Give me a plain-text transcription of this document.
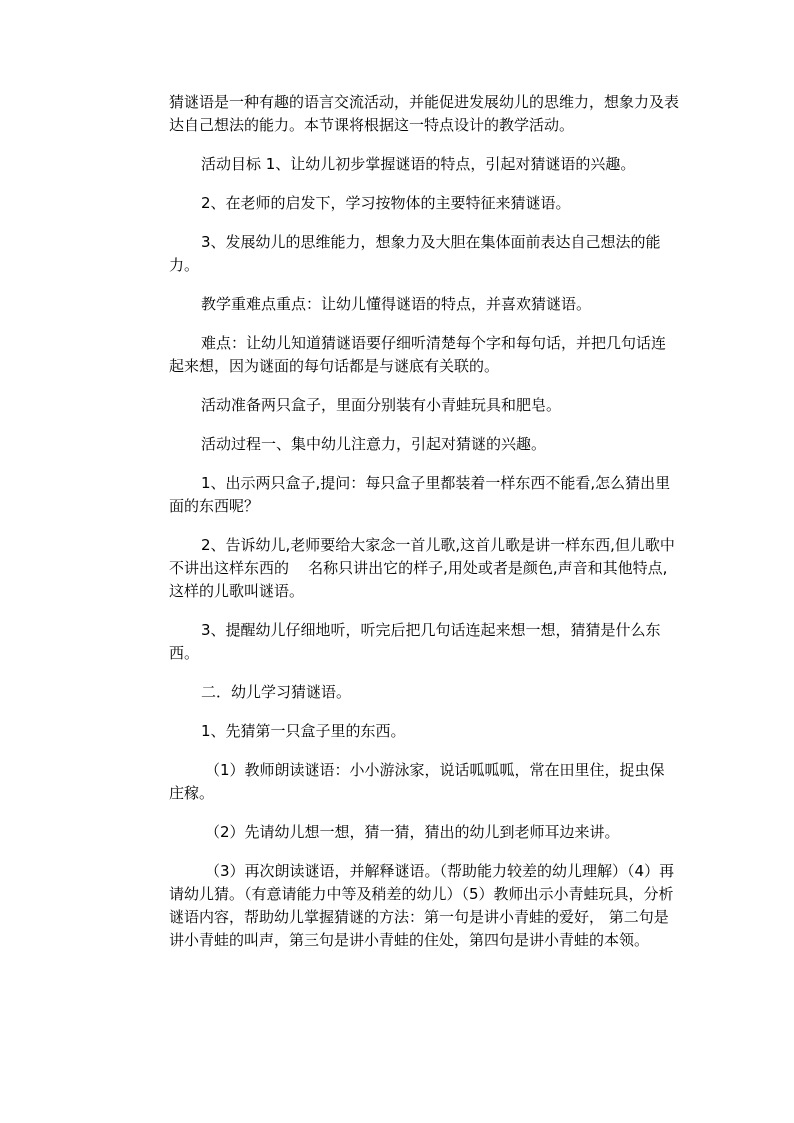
猜谜语是一种有趣的语言交流活动，并能促进发展幼儿的思维力，想象力及表达自己想法的能力。本节课将根据这一特点设计的教学活动。

活动目标 1、让幼儿初步掌握谜语的特点，引起对猜谜语的兴趣。

2、在老师的启发下，学习按物体的主要特征来猜谜语。

3、发展幼儿的思维能力，想象力及大胆在集体面前表达自己想法的能力。

教学重难点重点：让幼儿懂得谜语的特点，并喜欢猜谜语。

难点：让幼儿知道猜谜语要仔细听清楚每个字和每句话，并把几句话连起来想，因为谜面的每句话都是与谜底有关联的。

活动准备两只盒子，里面分别装有小青蛙玩具和肥皂。

活动过程一、集中幼儿注意力，引起对猜谜的兴趣。

1、出示两只盒子,提问：每只盒子里都装着一样东西不能看,怎么猜出里面的东西呢？

2、告诉幼儿,老师要给大家念一首儿歌,这首儿歌是讲一样东西,但儿歌中不讲出这样东西的    名称只讲出它的样子,用处或者是颜色,声音和其他特点,这样的儿歌叫谜语。

3、提醒幼儿仔细地听，听完后把几句话连起来想一想，猜猜是什么东西。

二．幼儿学习猜谜语。

1、先猜第一只盒子里的东西。

（1）教师朗读谜语：小小游泳家，说话呱呱呱，常在田里住，捉虫保庄稼。

（2）先请幼儿想一想，猜一猜，猜出的幼儿到老师耳边来讲。

（3）再次朗读谜语，并解释谜语。（帮助能力较差的幼儿理解）（4）再请幼儿猜。（有意请能力中等及稍差的幼儿）（5）教师出示小青蛙玩具，分析谜语内容，帮助幼儿掌握猜谜的方法：第一句是讲小青蛙的爱好， 第二句是讲小青蛙的叫声，第三句是讲小青蛙的住处，第四句是讲小青蛙的本领。
